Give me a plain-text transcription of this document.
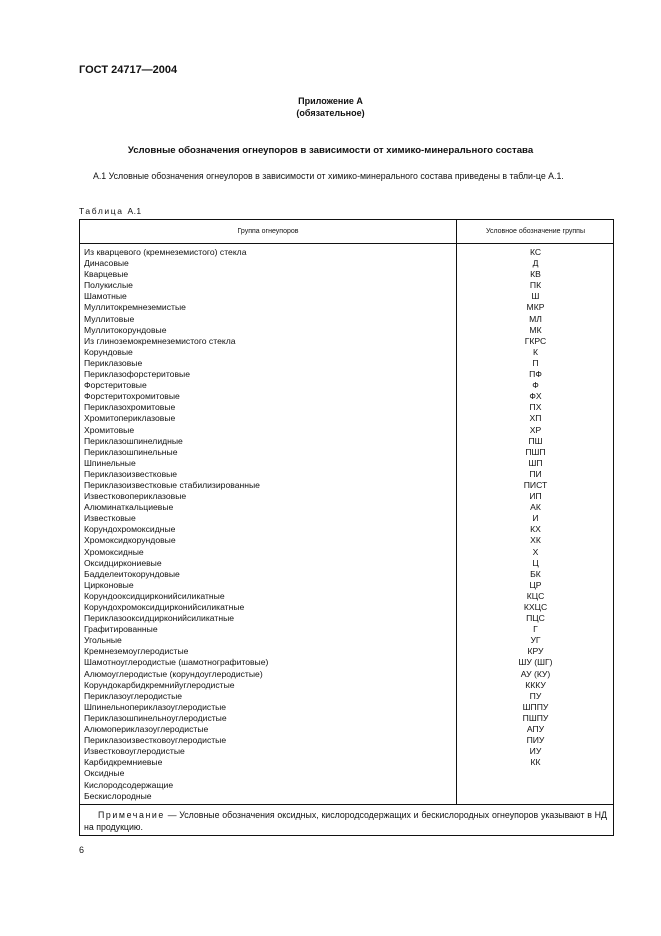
ГОСТ 24717—2004
Приложение А
(обязательное)
Условные обозначения огнеупоров в зависимости от химико-минерального состава
А.1 Условные обозначения огнеулоров в зависимости от химико-минерального состава приведены в табли-це А.1.
Таблица А.1
Группа огнеупоров	Условное обозначение группы
Из кварцевого (кремнеземистого) стекла	КС
Динасовые	Д
Кварцевые	КВ
Полукислые	ПК
Шамотные	Ш
Муллитокремнеземистые	МКР
Муллитовые	МЛ
Муллитокорундовые	МК
Из глиноземокремнеземистого стекла	ГКРС
Корундовые	К
Периклазовые	П
Периклазофорстеритовые	ПФ
Форстеритовые	Ф
Форстеритохромитовые	ФХ
Периклазохромитовые	ПХ
Хромитопериклазовые	ХП
Хромитовые	ХР
Периклазошпинелидные	ПШ
Периклазошпинельные	ПШП
Шпинельные	ШП
Периклазоизвестковые	ПИ
Периклазоизвестковые стабилизированные	ПИСТ
Известковопериклазовые	ИП
Алюминаткальциевые	АК
Известковые	И
Корундохромоксидные	КХ
Хромоксидкорундовые	ХК
Хромоксидные	Х
Оксидциркониевые	Ц
Бадделеитокорундовые	БК
Цирконовые	ЦР
Корундооксидцирконийсиликатные	КЦС
Корундохромоксидцирконийсиликатные	КХЦС
Периклазооксидцирконийсиликатные	ПЦС
Графитированные	Г
Угольные	УГ
Кремнеземоуглеродистые	КРУ
Шамотноуглеродистые (шамотнографитовые)	ШУ (ШГ)
Алюмоуглеродистые (корундоуглеродистые)	АУ (КУ)
Корундокарбидкремнийуглеродистые	КККУ
Периклазоуглеродистые	ПУ
Шпинельнопериклазоуглеродистые	ШППУ
Периклазошпинельноуглеродистые	ПШПУ
Алюмопериклазоуглеродистые	АПУ
Периклазоизвестковоуглеродистые	ПИУ
Известковоуглеродистые	ИУ
Карбидкремниевые	КК
Оксидные
Кислородсодержащие
Бескислородные
Примечание — Условные обозначения оксидных, кислородсодержащих и бескислородных огнеупоров указывают в НД на продукцию.
6
